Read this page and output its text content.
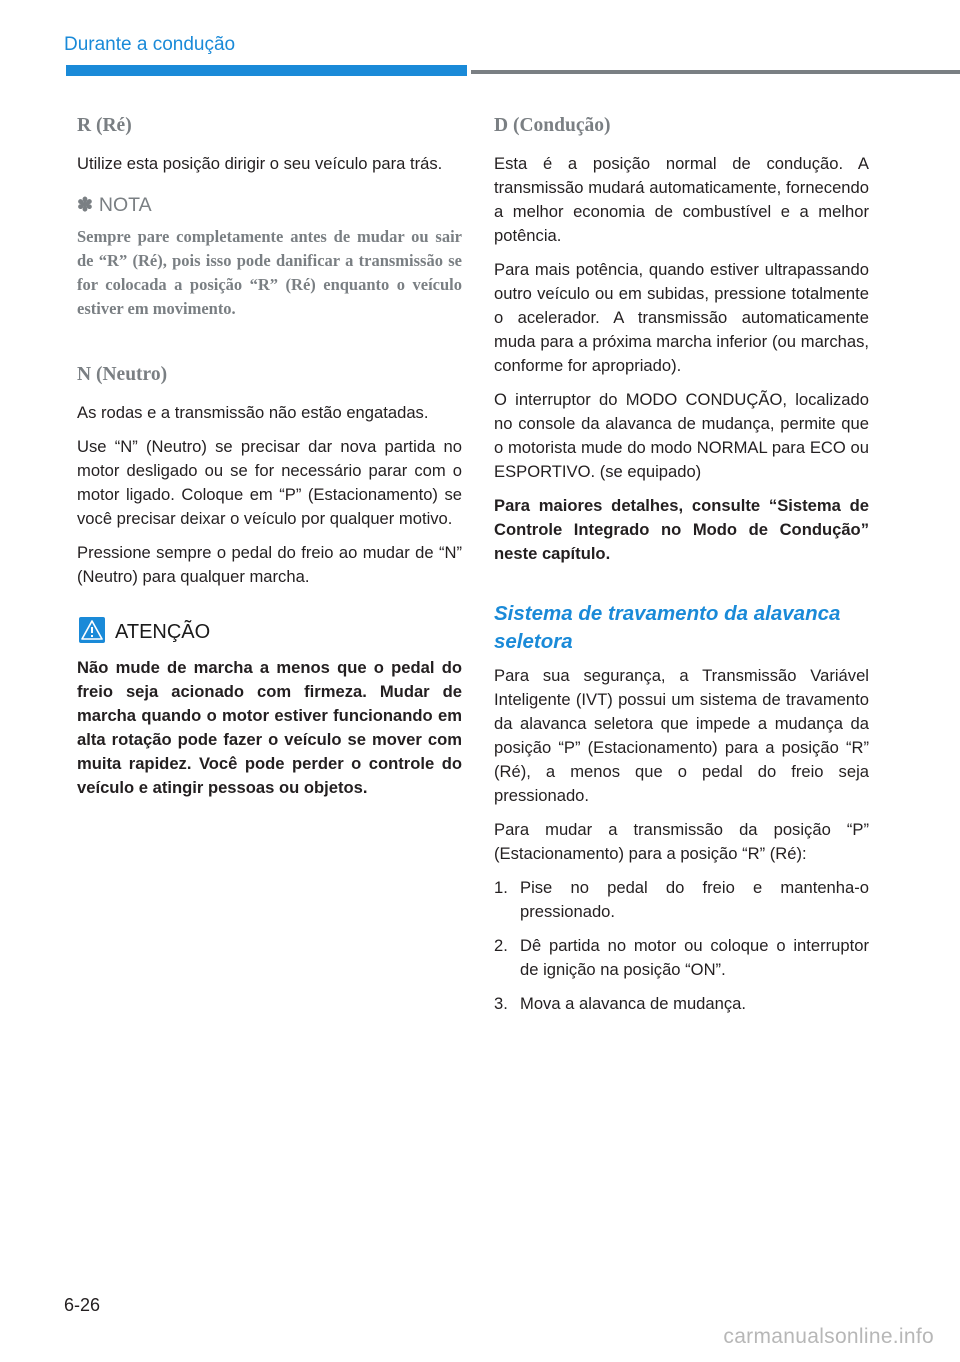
Durante a condução
R (Ré)

Utilize esta posição dirigir o seu veículo para trás.

✽ NOTA

Sempre pare completamente antes de mudar ou sair de “R” (Ré), pois isso pode danificar a transmissão se for colocada a posição “R” (Ré) enquanto o veículo estiver em movimento.

N (Neutro)

As rodas e a transmissão não estão engatadas.

Use “N” (Neutro) se precisar dar nova partida no motor desligado ou se for necessário parar com o motor ligado. Coloque em “P” (Estacionamento) se você precisar deixar o veículo por qualquer motivo.

Pressione sempre o pedal do freio ao mudar de “N” (Neutro) para qualquer marcha.

ATENÇÃO

Não mude de marcha a menos que o pedal do freio seja acionado com firmeza. Mudar de marcha quando o motor estiver funcionando em alta rotação pode fazer o veículo se mover com muita rapidez. Você pode perder o controle do veículo e atingir pessoas ou objetos.

D (Condução)

Esta é a posição normal de condução. A transmissão mudará automaticamente, fornecendo a melhor economia de combustível e a melhor potência.

Para mais potência, quando estiver ultrapassando outro veículo ou em subidas, pressione totalmente o acelerador. A transmissão automaticamente muda para a próxima marcha inferior (ou marchas, conforme for apropriado).

O interruptor do MODO CONDUÇÃO, localizado no console da alavanca de mudança, permite que o motorista mude do modo NORMAL para ECO ou ESPORTIVO. (se equipado)

Para maiores detalhes, consulte “Sistema de Controle Integrado no Modo de Condução” neste capítulo.

Sistema de travamento da alavanca seletora

Para sua segurança, a Transmissão Variável Inteligente (IVT) possui um sistema de travamento da alavanca seletora que impede a mudança da posição “P” (Estacionamento) para a posição “R” (Ré), a menos que o pedal do freio seja pressionado.

Para mudar a transmissão da posição “P” (Estacionamento) para a posição “R” (Ré):

1. Pise no pedal do freio e mantenha-o pressionado.
2. Dê partida no motor ou coloque o interruptor de ignição na posição “ON”.
3. Mova a alavanca de mudança.
6-26
carmanualsonline.info
